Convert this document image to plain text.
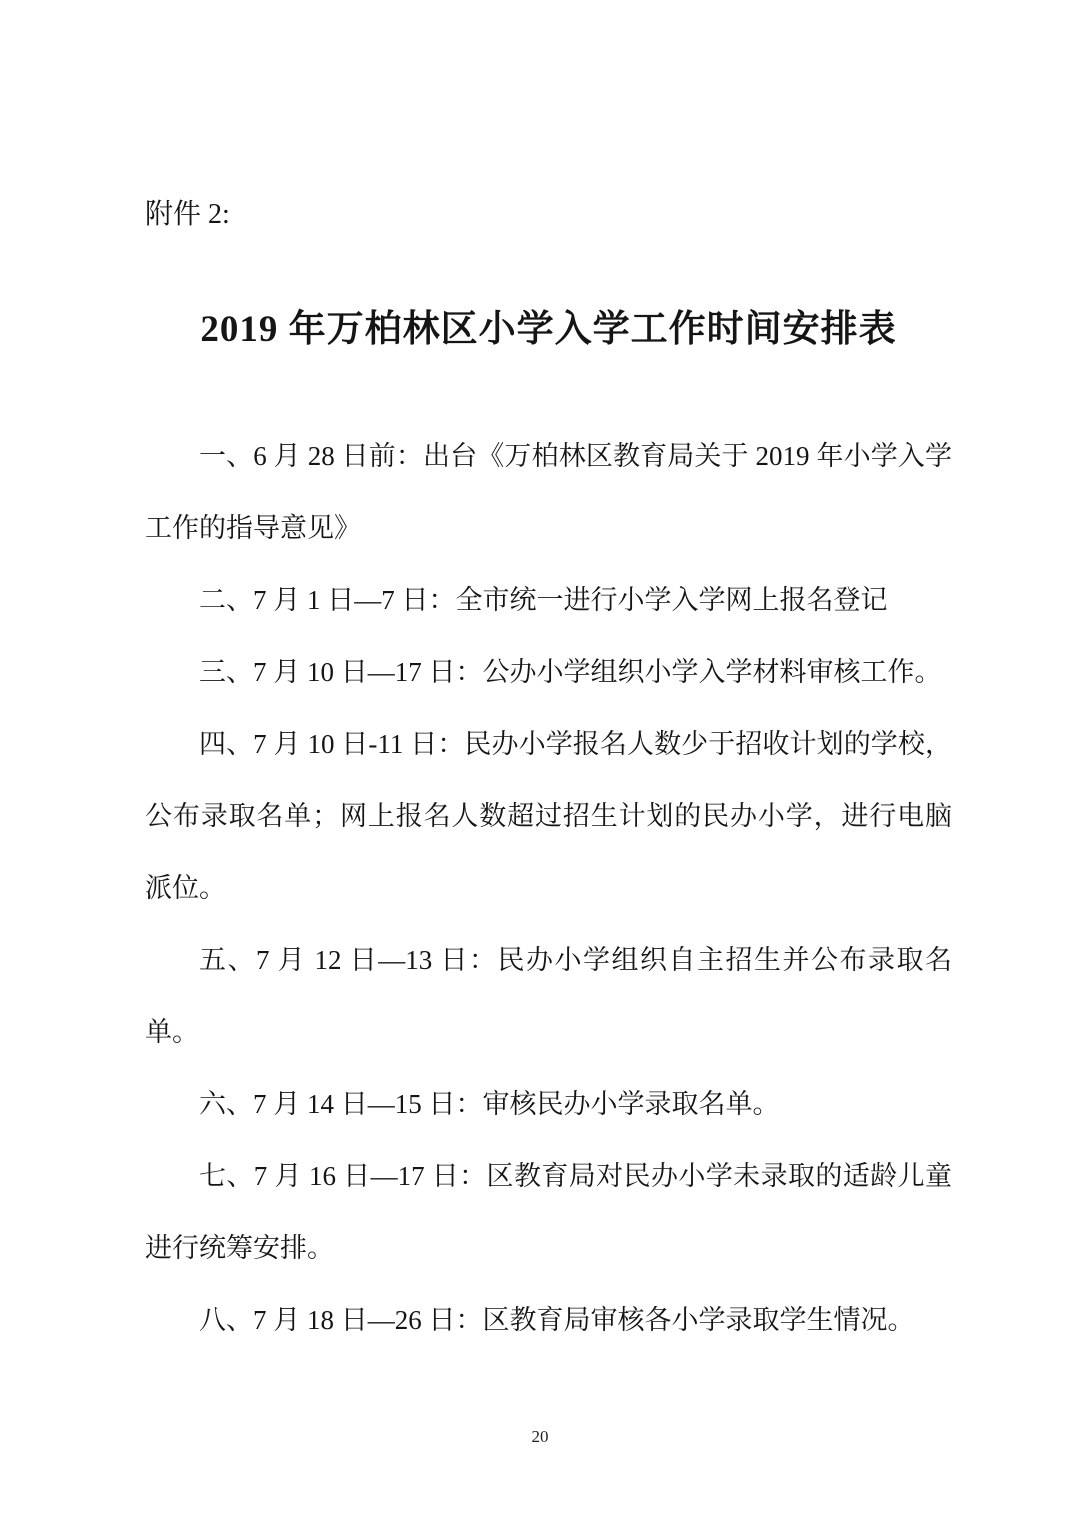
附件 2:

2019 年万柏林区小学入学工作时间安排表

一、6 月 28 日前：出台《万柏林区教育局关于 2019 年小学入学工作的指导意见》

二、7 月 1 日—7 日：全市统一进行小学入学网上报名登记

三、7 月 10 日—17 日：公办小学组织小学入学材料审核工作。

四、7 月 10 日-11 日：民办小学报名人数少于招收计划的学校，公布录取名单；网上报名人数超过招生计划的民办小学，进行电脑派位。

五、7 月 12 日—13 日：民办小学组织自主招生并公布录取名单。

六、7 月 14 日—15 日：审核民办小学录取名单。

七、7 月 16 日—17 日：区教育局对民办小学未录取的适龄儿童进行统筹安排。

八、7 月 18 日—26 日：区教育局审核各小学录取学生情况。

20
